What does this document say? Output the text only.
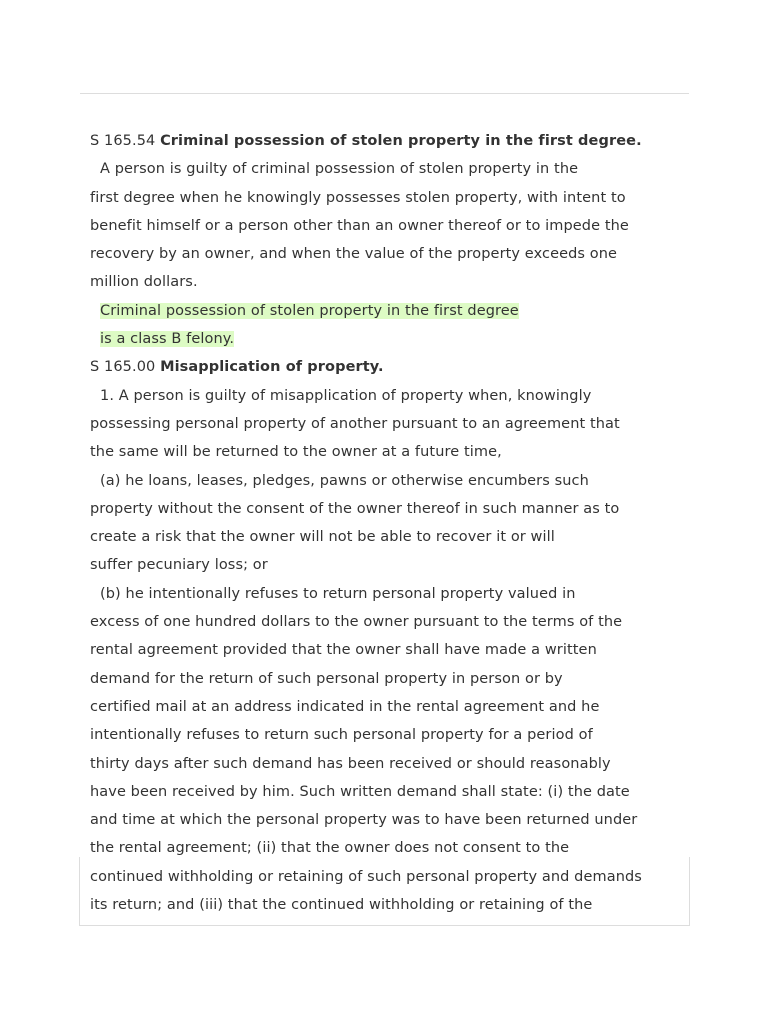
S 165.54 Criminal possession of stolen property in the first degree.
A person is guilty of criminal possession of stolen property in the
first degree when he knowingly possesses stolen property, with intent to
benefit himself or a person other than an owner thereof or to impede the
recovery by an owner, and when the value of the property exceeds one
million dollars.
Criminal possession of stolen property in the first degree
is a class B felony.
S 165.00 Misapplication of property.
1. A person is guilty of misapplication of property when, knowingly
possessing personal property of another pursuant to an agreement that
the same will be returned to the owner at a future time,
(a) he loans, leases, pledges, pawns or otherwise encumbers such
property without the consent of the owner thereof in such manner as to
create a risk that the owner will not be able to recover it or will
suffer pecuniary loss; or
(b) he intentionally refuses to return personal property valued in
excess of one hundred dollars to the owner pursuant to the terms of the
rental agreement provided that the owner shall have made a written
demand for the return of such personal property in person or by
certified mail at an address indicated in the rental agreement and he
intentionally refuses to return such personal property for a period of
thirty days after such demand has been received or should reasonably
have been received by him. Such written demand shall state: (i) the date
and time at which the personal property was to have been returned under
the rental agreement; (ii) that the owner does not consent to the
continued withholding or retaining of such personal property and demands
its return; and (iii) that the continued withholding or retaining of the
